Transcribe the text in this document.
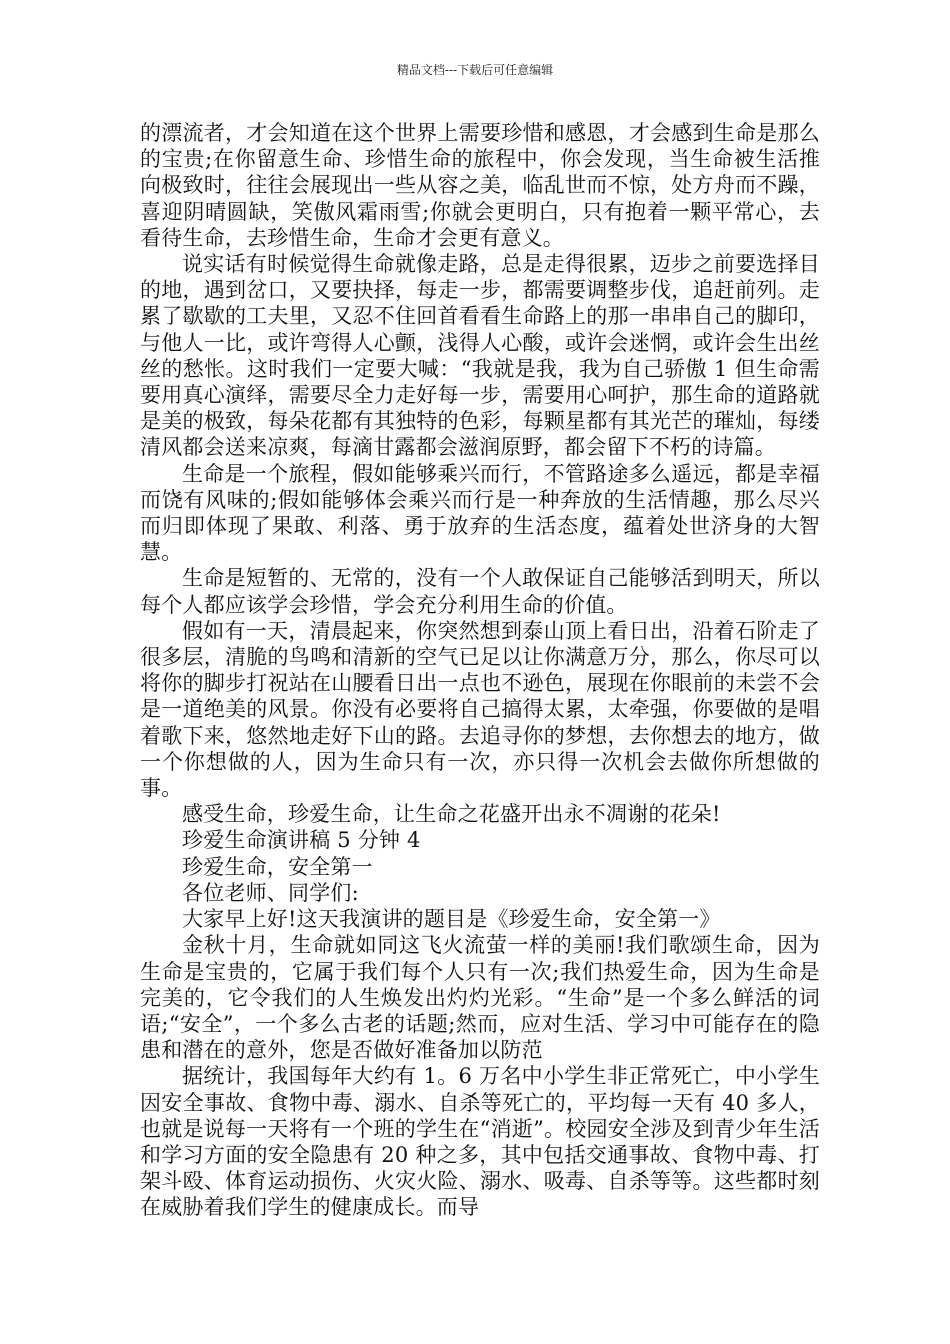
精品文档---下载后可任意编辑

的漂流者，才会知道在这个世界上需要珍惜和感恩，才会感到生命是那么的宝贵;在你留意生命、珍惜生命的旅程中，你会发现，当生命被生活推向极致时，往往会展现出一些从容之美，临乱世而不惊，处方舟而不躁，喜迎阴晴圆缺，笑傲风霜雨雪;你就会更明白，只有抱着一颗平常心，去看待生命，去珍惜生命，生命才会更有意义。

说实话有时候觉得生命就像走路，总是走得很累，迈步之前要选择目的地，遇到岔口，又要抉择，每走一步，都需要调整步伐，追赶前列。走累了歇歇的工夫里，又忍不住回首看看生命路上的那一串串自己的脚印，与他人一比，或许弯得人心颤，浅得人心酸，或许会迷惘，或许会生出丝丝的愁怅。这时我们一定要大喊：“我就是我，我为自己骄傲 1 但生命需要用真心演绎，需要尽全力走好每一步，需要用心呵护，那生命的道路就是美的极致，每朵花都有其独特的色彩，每颗星都有其光芒的璀灿，每缕清风都会送来凉爽，每滴甘露都会滋润原野，都会留下不朽的诗篇。

生命是一个旅程，假如能够乘兴而行，不管路途多么遥远，都是幸福而饶有风味的;假如能够体会乘兴而行是一种奔放的生活情趣，那么尽兴而归即体现了果敢、利落、勇于放弃的生活态度，蕴着处世济身的大智慧。

生命是短暂的、无常的，没有一个人敢保证自己能够活到明天，所以每个人都应该学会珍惜，学会充分利用生命的价值。

假如有一天，清晨起来，你突然想到泰山顶上看日出，沿着石阶走了很多层，清脆的鸟鸣和清新的空气已足以让你满意万分，那么，你尽可以将你的脚步打祝站在山腰看日出一点也不逊色，展现在你眼前的未尝不会是一道绝美的风景。你没有必要将自己搞得太累，太牵强，你要做的是唱着歌下来，悠然地走好下山的路。去追寻你的梦想，去你想去的地方，做一个你想做的人，因为生命只有一次，亦只得一次机会去做你所想做的事。

感受生命，珍爱生命，让生命之花盛开出永不凋谢的花朵!

珍爱生命演讲稿 5 分钟 4

珍爱生命，安全第一

各位老师、同学们:

大家早上好!这天我演讲的题目是《珍爱生命，安全第一》

金秋十月，生命就如同这飞火流萤一样的美丽!我们歌颂生命，因为生命是宝贵的，它属于我们每个人只有一次;我们热爱生命，因为生命是完美的，它令我们的人生焕发出灼灼光彩。“生命”是一个多么鲜活的词语;“安全”，一个多么古老的话题;然而，应对生活、学习中可能存在的隐患和潜在的意外，您是否做好准备加以防范

据统计，我国每年大约有 1。6 万名中小学生非正常死亡，中小学生因安全事故、食物中毒、溺水、自杀等死亡的，平均每一天有 40 多人，也就是说每一天将有一个班的学生在“消逝”。校园安全涉及到青少年生活和学习方面的安全隐患有 20 种之多，其中包括交通事故、食物中毒、打架斗殴、体育运动损伤、火灾火险、溺水、吸毒、自杀等等。这些都时刻在威胁着我们学生的健康成长。而导
